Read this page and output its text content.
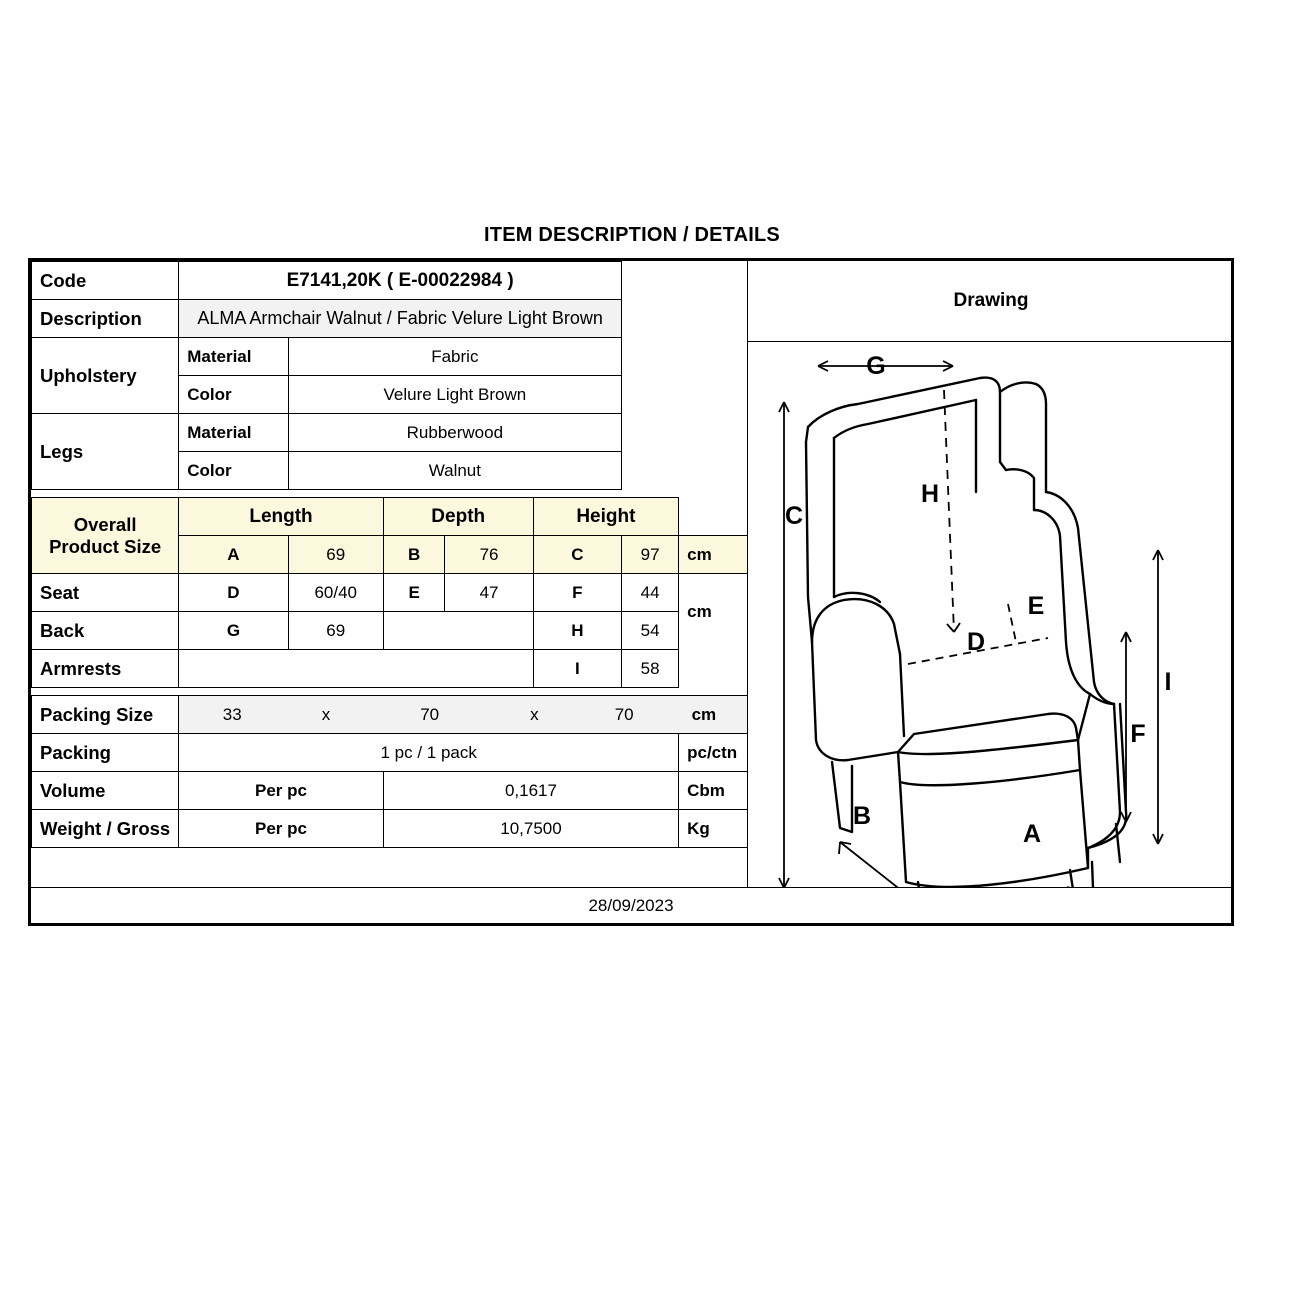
ITEM DESCRIPTION / DETAILS
Code	E7141,20K ( E-00022984 )						
Description	ALMA Armchair Walnut / Fabric Velure Light Brown						
Upholstery	Material	Fabric					
	Color	Velure Light Brown					
Legs	Material	Rubberwood					
	Color	Walnut					

Overall
Product Size	Length		Depth		Height		
	A	69	B	76	C	97	cm
Seat	D	60/40	E	47	F	44	cm
Back	G	69			H	54	
Armrests					I	58	

Packing Size	33 x 70 x 70 cm						
Packing	1 pc / 1 pack						pc/ctn
Volume	Per pc		0,1617				Cbm
Weight / Gross	Per pc		10,7500				Kg
Drawing
G
C
H
D
E
A
B
I
F
28/09/2023
